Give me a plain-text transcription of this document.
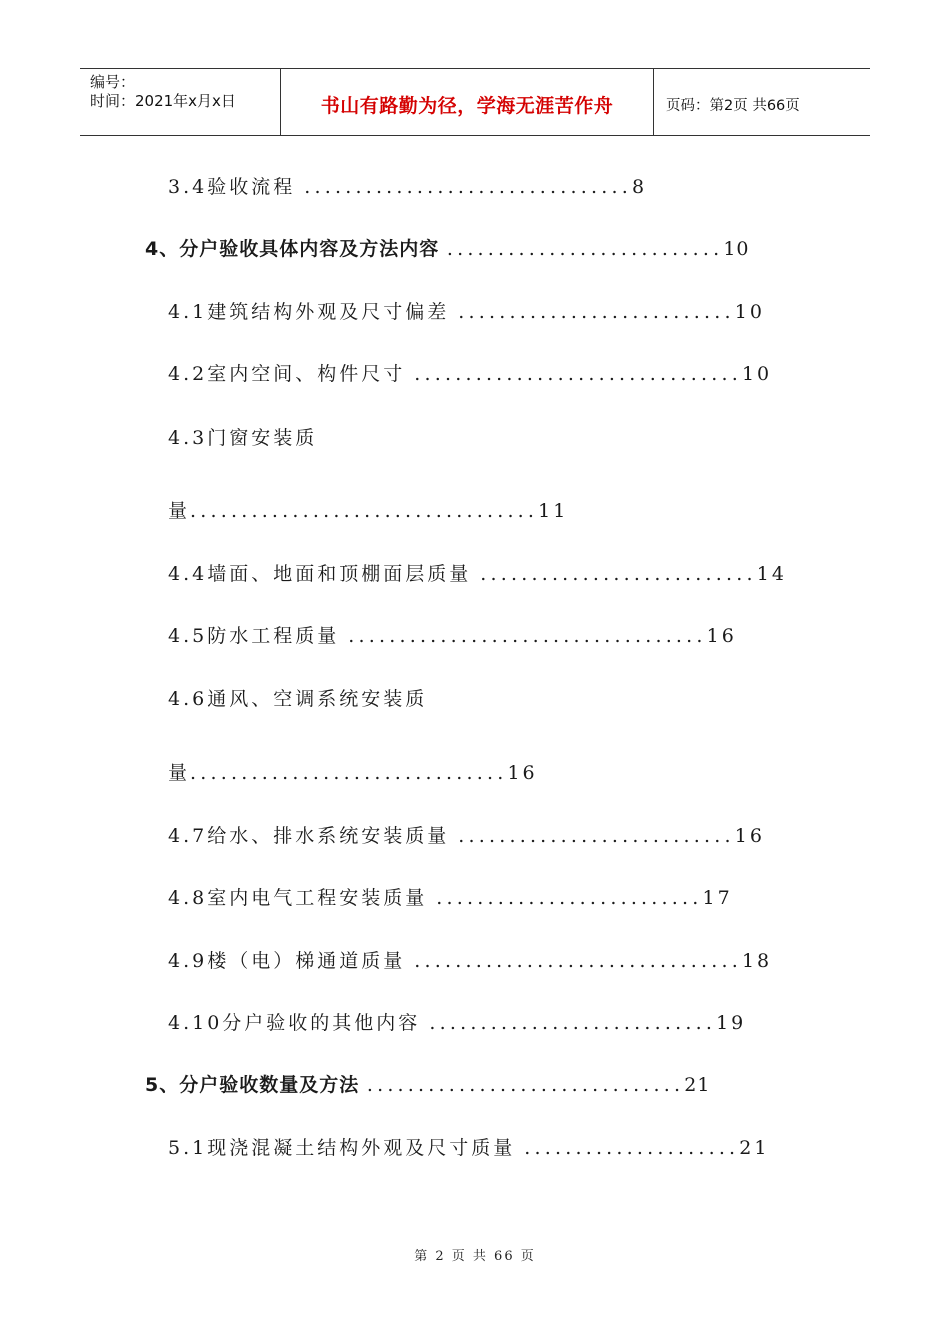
编号：
时间：2021年x月x日	书山有路勤为径，学海无涯苦作舟	页码：第2页 共66页
3.4验收流程 ................................8
4、分户验收具体内容及方法内容 ...........................10
4.1建筑结构外观及尺寸偏差 ...........................10
4.2室内空间、构件尺寸 ................................10
4.3门窗安装质
量..................................11
4.4墙面、地面和顶棚面层质量 ...........................14
4.5防水工程质量 ...................................16
4.6通风、空调系统安装质
量...............................16
4.7给水、排水系统安装质量 ...........................16
4.8室内电气工程安装质量 ..........................17
4.9楼（电）梯通道质量 ................................18
4.10分户验收的其他内容 ............................19
5、分户验收数量及方法 ...............................21
5.1现浇混凝土结构外观及尺寸质量 .....................21
第 2 页 共 66 页
